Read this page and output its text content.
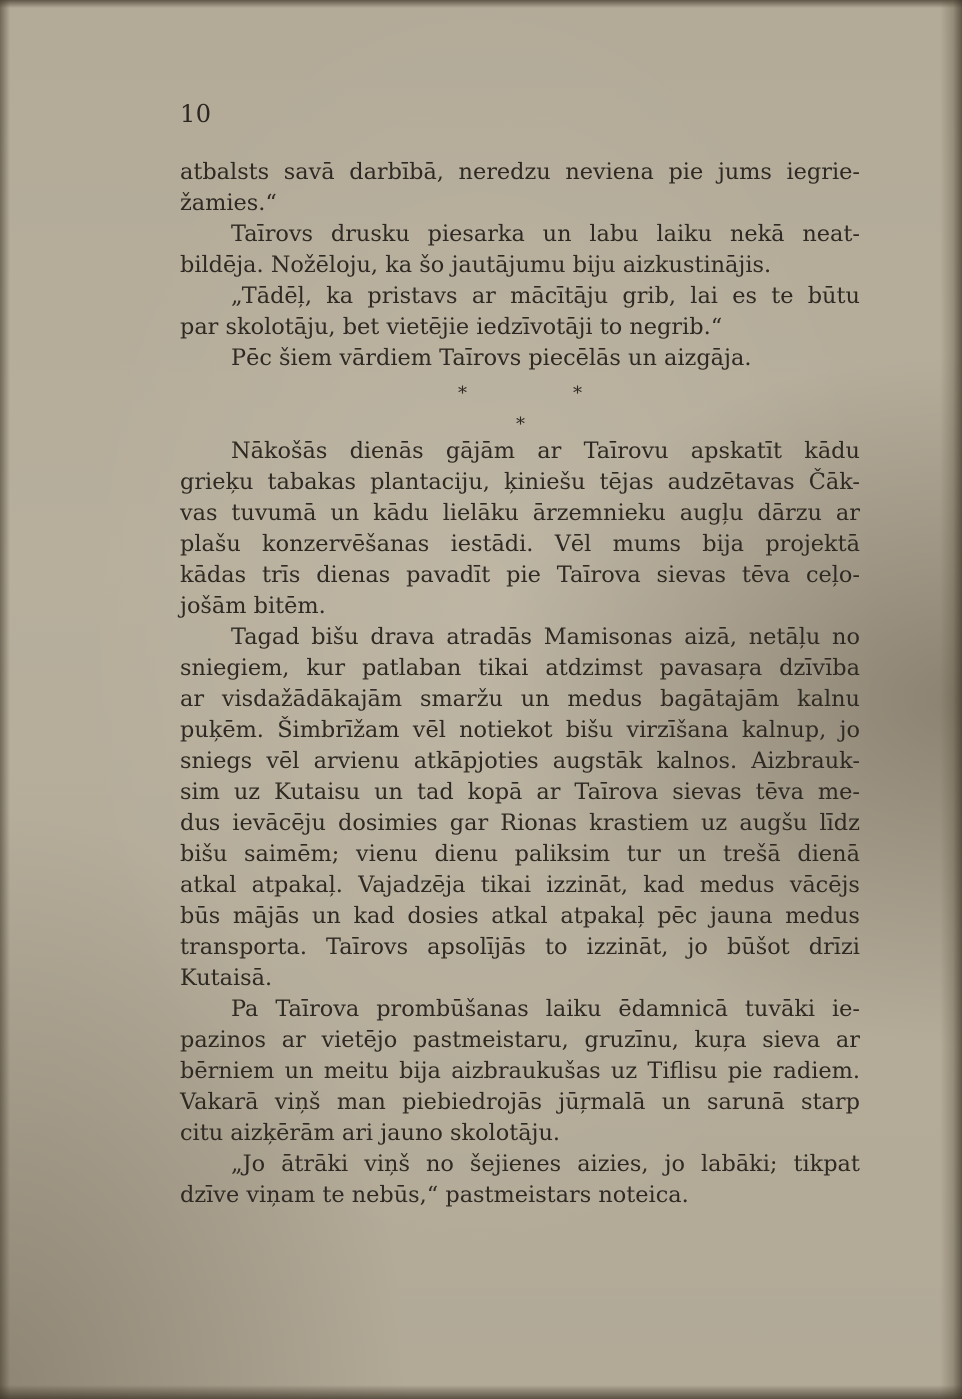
10
atbalsts savā darbībā, neredzu neviena pie jums iegrie-
žamies.“
Taīrovs drusku piesarka un labu laiku nekā neat-
bildēja. Nožēloju, ka šo jautājumu biju aizkustinājis.
„Tādēļ, ka pristavs ar mācītāju grib, lai es te būtu
par skolotāju, bet vietējie iedzīvotāji to negrib.“
Pēc šiem vārdiem Taīrovs piecēlās un aizgāja.
*	*
*
Nākošās dienās gājām ar Taīrovu apskatīt kādu
grieķu tabakas plantaciju, ķiniešu tējas audzētavas Čāk-
vas tuvumā un kādu lielāku ārzemnieku augļu dārzu ar
plašu konzervēšanas iestādi. Vēl mums bija projektā
kādas trīs dienas pavadīt pie Taīrova sievas tēva ceļo-
jošām bitēm.
Tagad bišu drava atradās Mamisonas aizā, netāļu no
sniegiem, kur patlaban tikai atdzimst pavasaŗa dzīvība
ar visdažādākajām smaržu un medus bagātajām kalnu
puķēm. Šimbrīžam vēl notiekot bišu virzīšana kalnup, jo
sniegs vēl arvienu atkāpjoties augstāk kalnos. Aizbrauk-
sim uz Kutaisu un tad kopā ar Taīrova sievas tēva me-
dus ievācēju dosimies gar Rionas krastiem uz augšu līdz
bišu saimēm; vienu dienu paliksim tur un trešā dienā
atkal atpakaļ. Vajadzēja tikai izzināt, kad medus vācējs
būs mājās un kad dosies atkal atpakaļ pēc jauna medus
transporta. Taīrovs apsolījās to izzināt, jo būšot drīzi
Kutaisā.
Pa Taīrova prombūšanas laiku ēdamnicā tuvāki ie-
pazinos ar vietējo pastmeistaru, gruzīnu, kuŗa sieva ar
bērniem un meitu bija aizbraukušas uz Tiflisu pie radiem.
Vakarā viņš man piebiedrojās jūŗmalā un sarunā starp
citu aizķērām ari jauno skolotāju.
„Jo ātrāki viņš no šejienes aizies, jo labāki; tikpat
dzīve viņam te nebūs,“ pastmeistars noteica.
